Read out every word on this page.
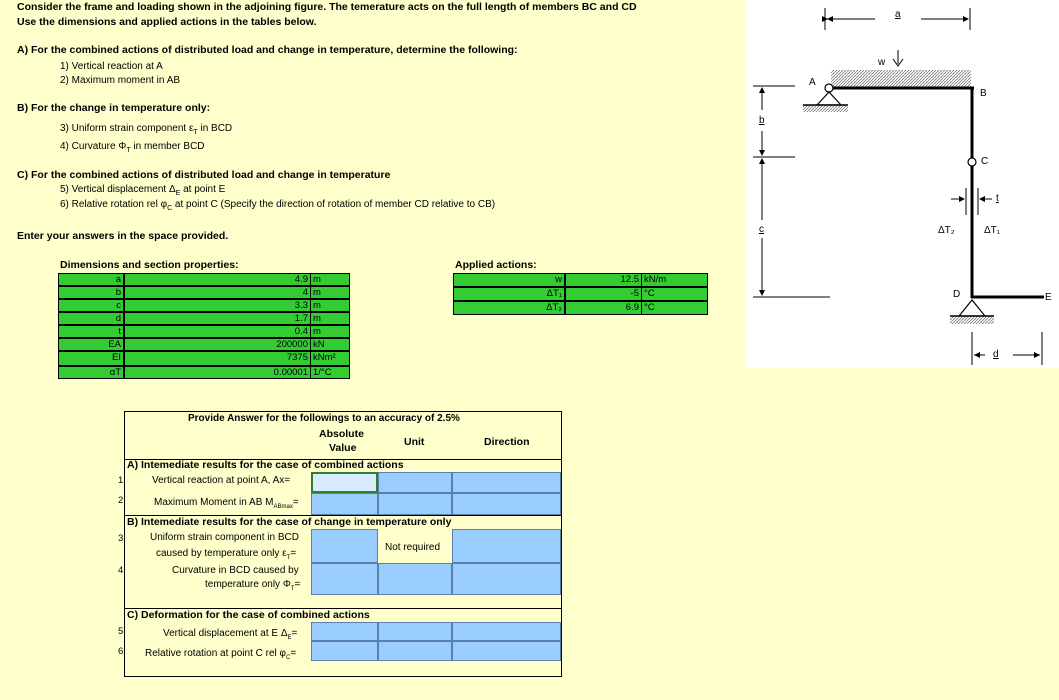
Consider the frame and loading shown in the adjoining figure. The temerature acts on the full length of members BC and CD
Use the dimensions and applied actions in the tables below.
A) For the combined actions of distributed load and change in temperature, determine the following:
1) Vertical reaction at A
2) Maximum moment in AB
B) For the change in temperature only:
3) Uniform strain component $\varepsilon_T$ in BCD
4) Curvature $\Phi_T$ in member BCD
C) For the combined actions of distributed load and change in temperature
5) Vertical displacement $\Delta_E$ at point E
6) Relative rotation rel $\varphi_C$ at point C (Specify the direction of rotation of member CD relative to CB)
Enter your answers in the space provided.
Dimensions and section properties:
a	4.9 m
b	4 m
c	3.3 m
d	1.7 m
t	0.4 m
EA	200000 kN
EI	7375 kNm²
αT	0.00001 1/°C
Applied actions:
w	12.5 kN/m
ΔT₁	-5 °C
ΔT₂	6.9 °C
Provide Answer for the followings to an accuracy of 2.5%
Absolute
Value	Unit	Direction
A) Intemediate results for the case of combined actions
1	Vertical reaction at point A, Ax=
2	Maximum Moment in AB $M_{ABmax}=$
B) Intemediate results for the case of change in temperature only
3	Uniform strain component in BCD
caused by temperature only $\varepsilon_T=$
Not required
4	Curvature in BCD caused by
temperature only $\Phi_T=$
C) Deformation for the case of combined actions
5	Vertical displacement at E $\Delta_E=$
6 Relative rotation at point C rel $\varphi_C=$
a
b
c
d
t
w
A
B
C
D	E
ΔT₁
ΔT₂
